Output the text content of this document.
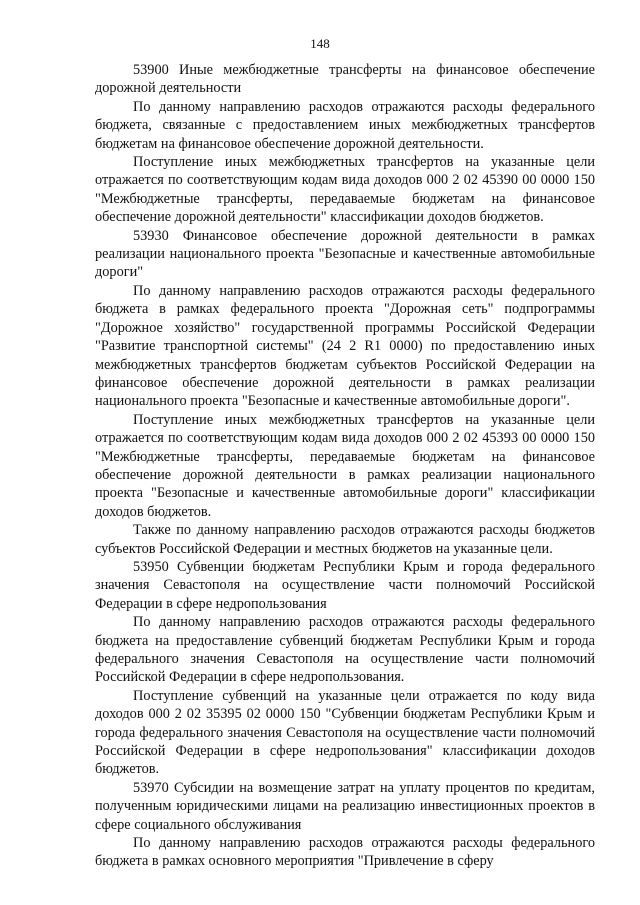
148

53900 Иные межбюджетные трансферты на финансовое обеспечение дорожной деятельности

По данному направлению расходов отражаются расходы федерального бюджета, связанные с предоставлением иных межбюджетных трансфертов бюджетам на финансовое обеспечение дорожной деятельности.

Поступление иных межбюджетных трансфертов на указанные цели отражается по соответствующим кодам вида доходов 000 2 02 45390 00 0000 150 "Межбюджетные трансферты, передаваемые бюджетам на финансовое обеспечение дорожной деятельности" классификации доходов бюджетов.

53930 Финансовое обеспечение дорожной деятельности в рамках реализации национального проекта "Безопасные и качественные автомобильные дороги"

По данному направлению расходов отражаются расходы федерального бюджета в рамках федерального проекта "Дорожная сеть" подпрограммы "Дорожное хозяйство" государственной программы Российской Федерации "Развитие транспортной системы" (24 2 R1 0000) по предоставлению иных межбюджетных трансфертов бюджетам субъектов Российской Федерации на финансовое обеспечение дорожной деятельности в рамках реализации национального проекта "Безопасные и качественные автомобильные дороги".

Поступление иных межбюджетных трансфертов на указанные цели отражается по соответствующим кодам вида доходов 000 2 02 45393 00 0000 150 "Межбюджетные трансферты, передаваемые бюджетам на финансовое обеспечение дорожной деятельности в рамках реализации национального проекта "Безопасные и качественные автомобильные дороги" классификации доходов бюджетов.

Также по данному направлению расходов отражаются расходы бюджетов субъектов Российской Федерации и местных бюджетов на указанные цели.

53950 Субвенции бюджетам Республики Крым и города федерального значения Севастополя на осуществление части полномочий Российской Федерации в сфере недропользования

По данному направлению расходов отражаются расходы федерального бюджета на предоставление субвенций бюджетам Республики Крым и города федерального значения Севастополя на осуществление части полномочий Российской Федерации в сфере недропользования.

Поступление субвенций на указанные цели отражается по коду вида доходов 000 2 02 35395 02 0000 150 "Субвенции бюджетам Республики Крым и города федерального значения Севастополя на осуществление части полномочий Российской Федерации в сфере недропользования" классификации доходов бюджетов.

53970 Субсидии на возмещение затрат на уплату процентов по кредитам, полученным юридическими лицами на реализацию инвестиционных проектов в сфере социального обслуживания

По данному направлению расходов отражаются расходы федерального бюджета в рамках основного мероприятия "Привлечение в сферу
